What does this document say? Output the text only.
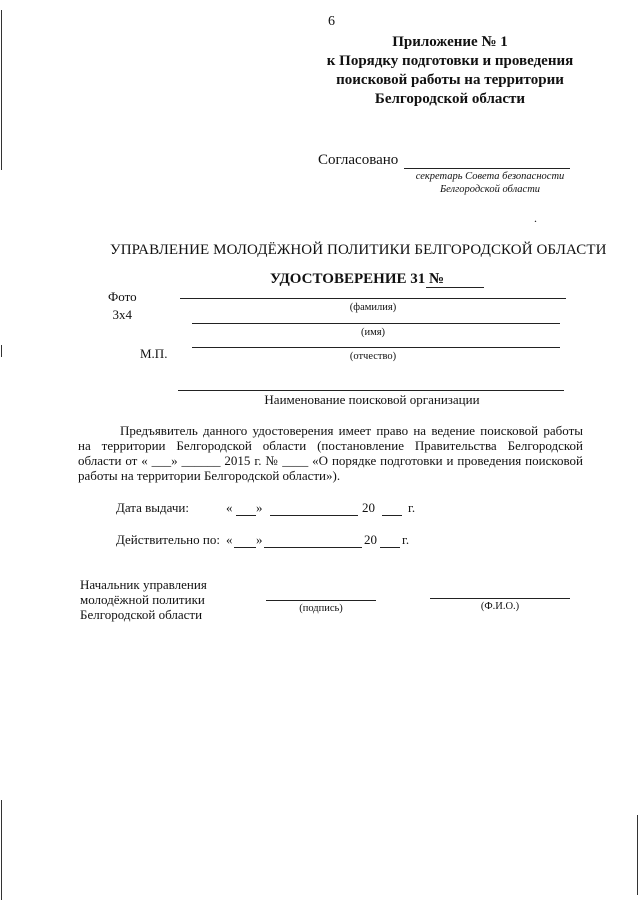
6
Приложение № 1
к Порядку подготовки и проведения
поисковой работы на территории
Белгородской области
Согласовано
секретарь Совета безопасности
Белгородской области
.
УПРАВЛЕНИЕ МОЛОДЁЖНОЙ ПОЛИТИКИ БЕЛГОРОДСКОЙ ОБЛАСТИ
УДОСТОВЕРЕНИЕ 31 №
Фото
3х4	(фамилия)
(имя)
М.П.	(отчество)
Наименование поисковой организации
Предъявитель данного удостоверения имеет право на ведение поисковой работы на территории Белгородской области (постановление Правительства Белгородской области от « ___» ______ 2015 г. № ____ «О порядке подготовки и проведения поисковой работы на территории Белгородской области»).
Дата выдачи:	« »	20	г.
Действительно по: « »	20 г.
Начальник управления
молодёжной политики
Белгородской области	(подпись)	(Ф.И.О.)
